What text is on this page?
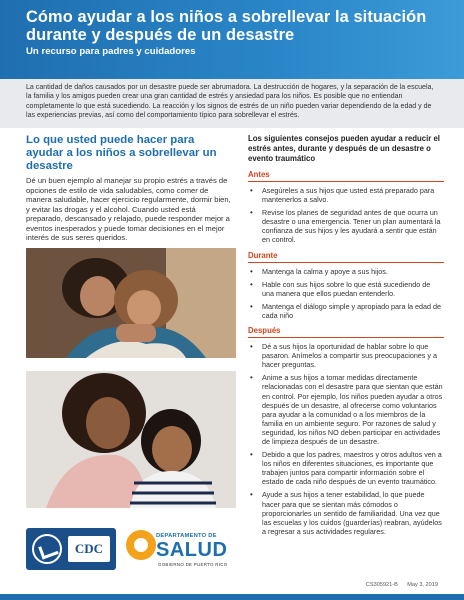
Cómo ayudar a los niños a sobrellevar la situación durante y después de un desastre
Un recurso para padres y cuidadores
La cantidad de daños causados por un desastre puede ser abrumadora. La destrucción de hogares, y la separación de la escuela, la familia y los amigos pueden crear una gran cantidad de estrés y ansiedad para los niños. Es posible que no entiendan completamente lo que está sucediendo. La reacción y los signos de estrés de un niño pueden variar dependiendo de la edad y de las experiencias previas, así como del comportamiento típico para sobrellevar el estrés.
Lo que usted puede hacer para ayudar a los niños a sobrellevar un desastre

Dé un buen ejemplo al manejar su propio estrés a través de opciones de estilo de vida saludables, como comer de manera saludable, hacer ejercicio regularmente, dormir bien, y evitar las drogas y el alcohol. Cuando usted está preparado, descansado y relajado, puede responder mejor a eventos inesperados y puede tomar decisiones en el mejor interés de sus seres queridos.

CDC
DEPARTAMENTO DE
SALUD
GOBIERNO DE PUERTO RICO
Los siguientes consejos pueden ayudar a reducir el estrés antes, durante y después de un desastre o evento traumático
Antes
• Asegúreles a sus hijos que usted está preparado para mantenerlos a salvo.
• Revise los planes de seguridad antes de que ocurra un desastre o una emergencia. Tener un plan aumentará la confianza de sus hijos y les ayudará a sentir que están en control.
Durante
• Mantenga la calma y apoye a sus hijos.
• Hable con sus hijos sobre lo que está sucediendo de una manera que ellos puedan entenderlo.
• Mantenga el diálogo simple y apropiado para la edad de cada niño
Después
• Dé a sus hijos la oportunidad de hablar sobre lo que pasaron. Anímelos a compartir sus preocupaciones y a hacer preguntas.
• Anime a sus hijos a tomar medidas directamente relacionadas con el desastre para que sientan que están en control. Por ejemplo, los niños pueden ayudar a otros después de un desastre, al ofrecerse como voluntarios para ayudar a la comunidad o a los miembros de la familia en un ambiente seguro. Por razones de salud y seguridad, los niños NO deben participar en actividades de limpieza después de un desastre.
• Debido a que los padres, maestros y otros adultos ven a los niños en diferentes situaciones, es importante que trabajen juntos para compartir información sobre el estado de cada niño después de un evento traumático.
• Ayude a sus hijos a tener estabilidad, lo que puede hacer para que se sientan más cómodos o proporcionarles un sentido de familiaridad. Una vez que las escuelas y los cuidos (guarderías) reabran, ayúdelos a regresar a sus actividades regulares.
CS305921-B May 3, 2019
